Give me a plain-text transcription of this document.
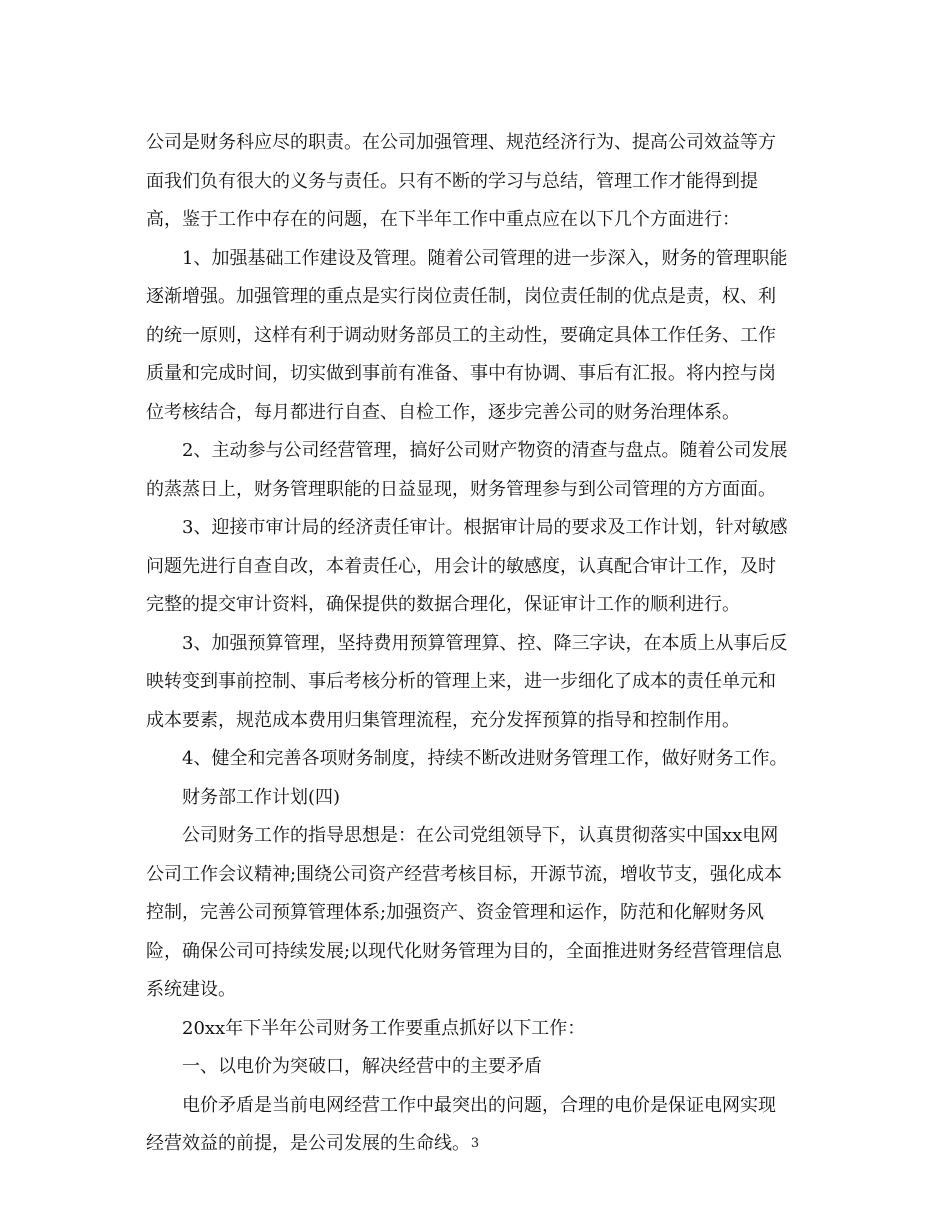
公司是财务科应尽的职责。在公司加强管理、规范经济行为、提高公司效益等方
面我们负有很大的义务与责任。只有不断的学习与总结，管理工作才能得到提
高，鉴于工作中存在的问题，在下半年工作中重点应在以下几个方面进行：
1、加强基础工作建设及管理。随着公司管理的进一步深入，财务的管理职能
逐渐增强。加强管理的重点是实行岗位责任制，岗位责任制的优点是责，权、利
的统一原则，这样有利于调动财务部员工的主动性，要确定具体工作任务、工作
质量和完成时间，切实做到事前有准备、事中有协调、事后有汇报。将内控与岗
位考核结合，每月都进行自查、自检工作，逐步完善公司的财务治理体系。
2、主动参与公司经营管理，搞好公司财产物资的清查与盘点。随着公司发展
的蒸蒸日上，财务管理职能的日益显现，财务管理参与到公司管理的方方面面。
3、迎接市审计局的经济责任审计。根据审计局的要求及工作计划，针对敏感
问题先进行自查自改，本着责任心，用会计的敏感度，认真配合审计工作，及时
完整的提交审计资料，确保提供的数据合理化，保证审计工作的顺利进行。
3、加强预算管理，坚持费用预算管理算、控、降三字诀，在本质上从事后反
映转变到事前控制、事后考核分析的管理上来，进一步细化了成本的责任单元和
成本要素，规范成本费用归集管理流程，充分发挥预算的指导和控制作用。
4、健全和完善各项财务制度，持续不断改进财务管理工作，做好财务工作。
财务部工作计划(四)
公司财务工作的指导思想是：在公司党组领导下，认真贯彻落实中国xx电网
公司工作会议精神;围绕公司资产经营考核目标，开源节流，增收节支，强化成本
控制，完善公司预算管理体系;加强资产、资金管理和运作，防范和化解财务风
险，确保公司可持续发展;以现代化财务管理为目的，全面推进财务经营管理信息
系统建设。
20xx年下半年公司财务工作要重点抓好以下工作：
一、以电价为突破口，解决经营中的主要矛盾
电价矛盾是当前电网经营工作中最突出的问题，合理的电价是保证电网实现
经营效益的前提，是公司发展的生命线。 3
